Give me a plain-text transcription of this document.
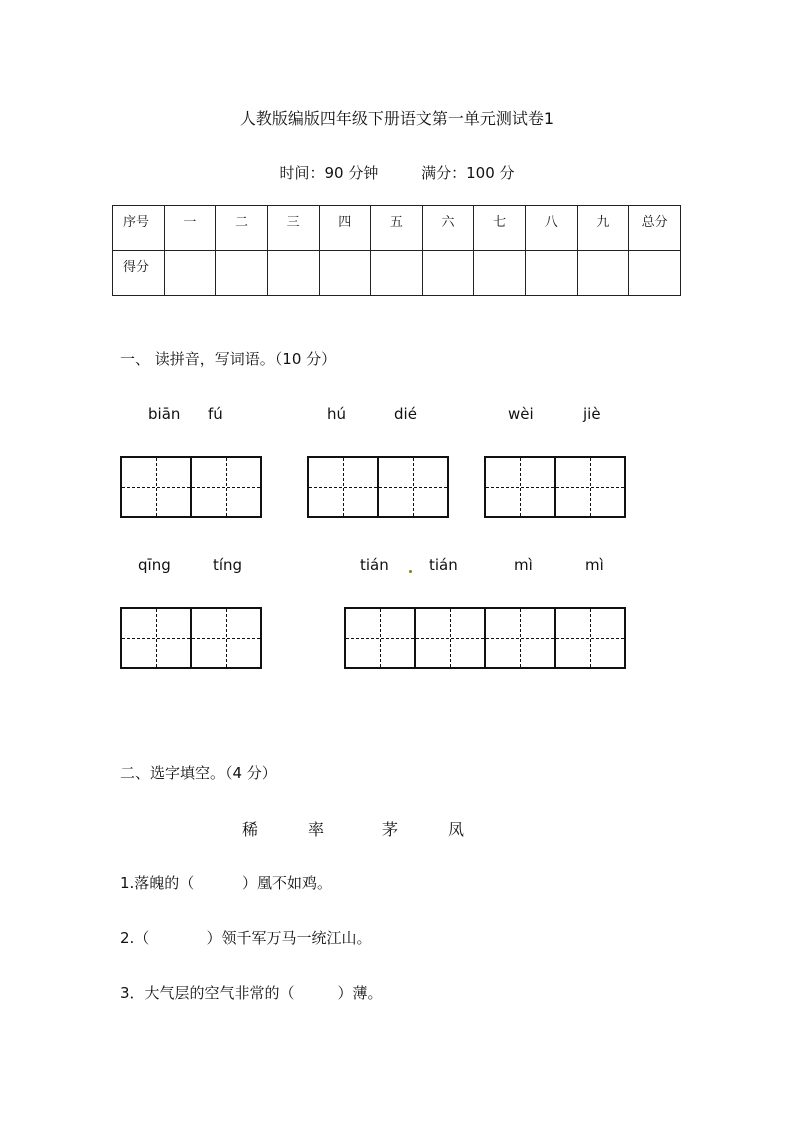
人教版编版四年级下册语文第一单元测试卷1
时间：90 分钟	满分：100 分
序号	一	二	三	四	五	六	七	八	九	总分
得分										
一、 读拼音，写词语。（10 分）
biān fú	hú	dié	wèi	jiè
qīng	tíng	tián	tián	mì	mì
二、选字填空。（4 分）
稀	率	茅	凤
1.落魄的（          ）凰不如鸡。
2.（            ）领千军万马一统江山。
3．大气层的空气非常的（         ）薄。
